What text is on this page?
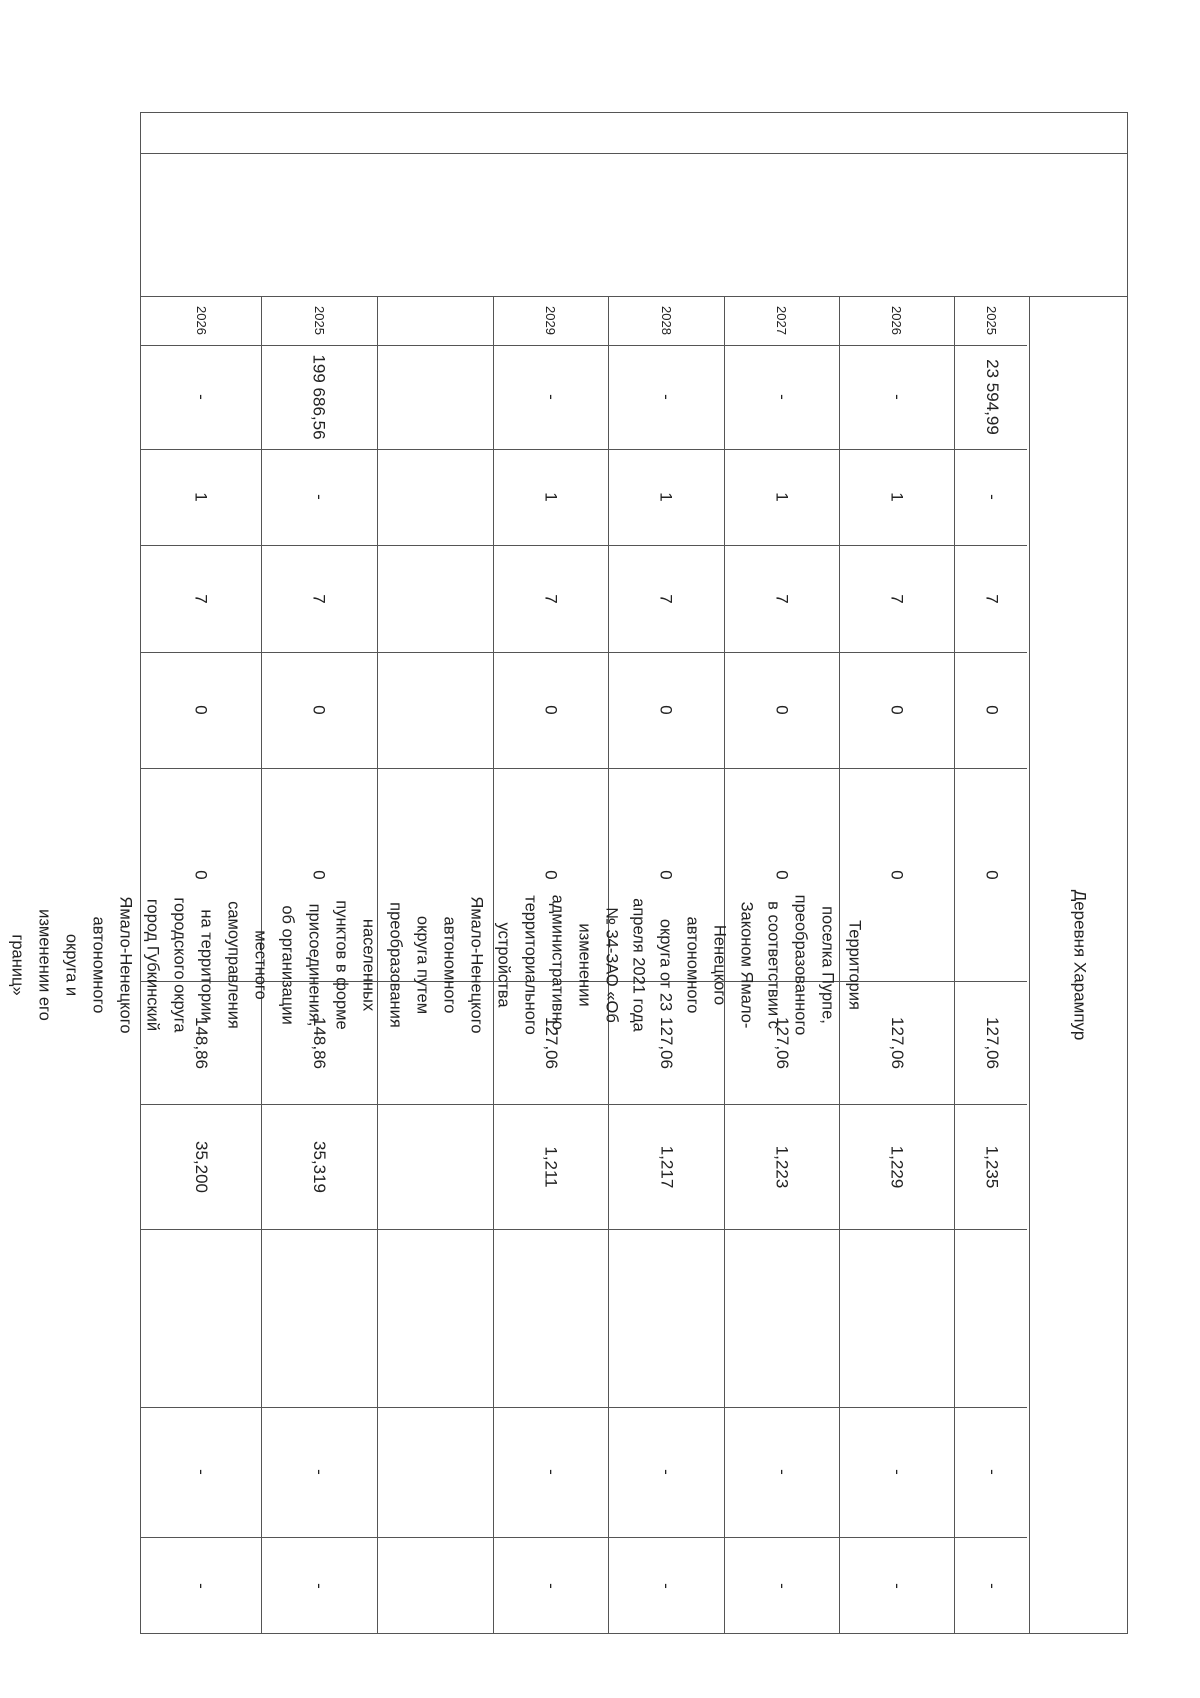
Деревня Харампур
Территория поселка Пурпе, преобразованного в соответствии с Законом Ямало-Ненецкого автономного округа от 23 апреля 2021 года № 34-ЗАО «Об изменении административно-территориального устройства Ямало-Ненецкого автономного округа путем преобразования населенных пунктов в форме присоединения, об организации местного самоуправления на территории городского округа город Губкинский Ямало-Ненецкого автономного округа и изменении его границ»
2025
23 594,99
-
7
0
0
127,06
1,235
-
-
2026
-
1
7
0
0
127,06
1,229
-
-
2027
-
1
7
0
0
127,06
1,223
-
-
2028
-
1
7
0
0
127,06
1,217
-
-
2029
-
1
7
0
0
127,06
1,211
-
-
2025
199 686,56
-
7
0
0
148,86
35,319
-
-
2026
-
1
7
0
0
148,86
35,200
-
-
